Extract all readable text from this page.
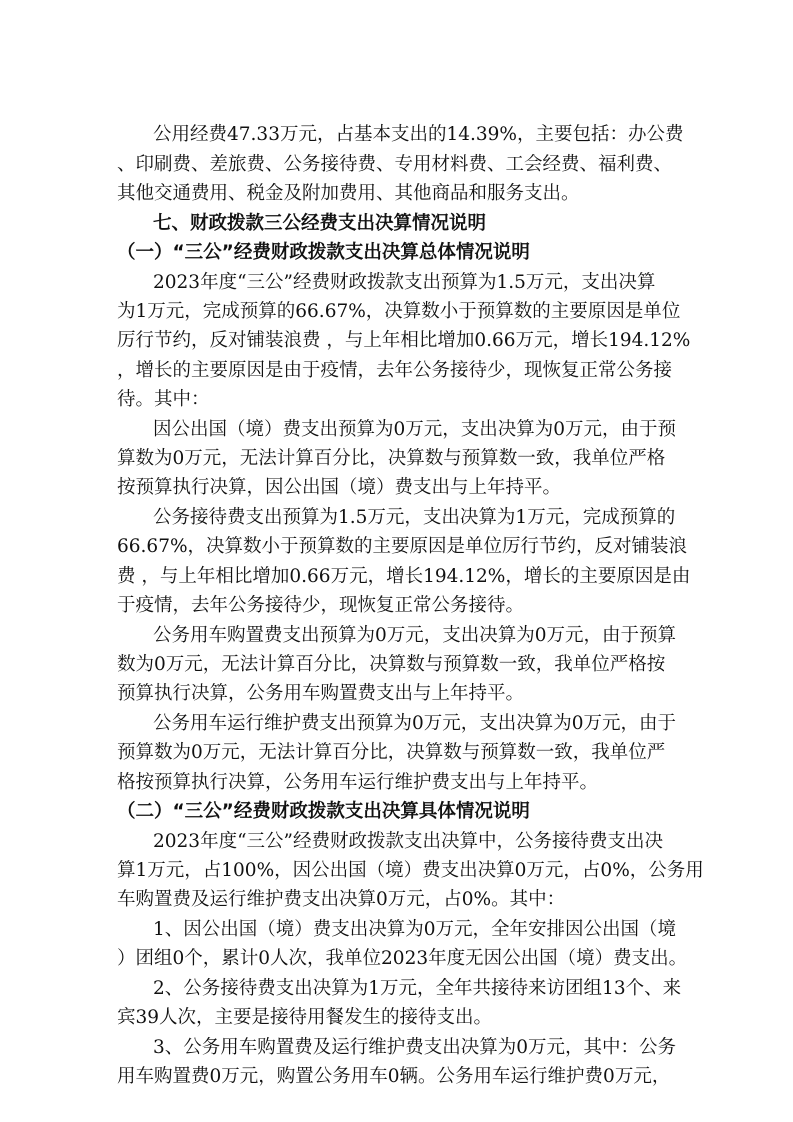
公用经费47.33万元，占基本支出的14.39%，主要包括：办公费
、印刷费、差旅费、公务接待费、专用材料费、工会经费、福利费、
其他交通费用、税金及附加费用、其他商品和服务支出。
七、财政拨款三公经费支出决算情况说明
（一）“三公”经费财政拨款支出决算总体情况说明
2023年度“三公”经费财政拨款支出预算为1.5万元，支出决算
为1万元，完成预算的66.67%，决算数小于预算数的主要原因是单位
厉行节约，反对铺装浪费 ，与上年相比增加0.66万元，增长194.12%
，增长的主要原因是由于疫情，去年公务接待少，现恢复正常公务接
待。其中：
因公出国（境）费支出预算为0万元，支出决算为0万元，由于预
算数为0万元，无法计算百分比，决算数与预算数一致，我单位严格
按预算执行决算，因公出国（境）费支出与上年持平。
公务接待费支出预算为1.5万元，支出决算为1万元，完成预算的
66.67%，决算数小于预算数的主要原因是单位厉行节约，反对铺装浪
费 ，与上年相比增加0.66万元，增长194.12%，增长的主要原因是由
于疫情，去年公务接待少，现恢复正常公务接待。
公务用车购置费支出预算为0万元，支出决算为0万元，由于预算
数为0万元，无法计算百分比，决算数与预算数一致，我单位严格按
预算执行决算，公务用车购置费支出与上年持平。
公务用车运行维护费支出预算为0万元，支出决算为0万元，由于
预算数为0万元，无法计算百分比，决算数与预算数一致，我单位严
格按预算执行决算，公务用车运行维护费支出与上年持平。
（二）“三公”经费财政拨款支出决算具体情况说明
2023年度“三公”经费财政拨款支出决算中，公务接待费支出决
算1万元，占100%，因公出国（境）费支出决算0万元，占0%，公务用
车购置费及运行维护费支出决算0万元，占0%。其中：
1、因公出国（境）费支出决算为0万元，全年安排因公出国（境
）团组0个，累计0人次，我单位2023年度无因公出国（境）费支出。
2、公务接待费支出决算为1万元，全年共接待来访团组13个、来
宾39人次，主要是接待用餐发生的接待支出。
3、公务用车购置费及运行维护费支出决算为0万元，其中：公务
用车购置费0万元，购置公务用车0辆。公务用车运行维护费0万元，
